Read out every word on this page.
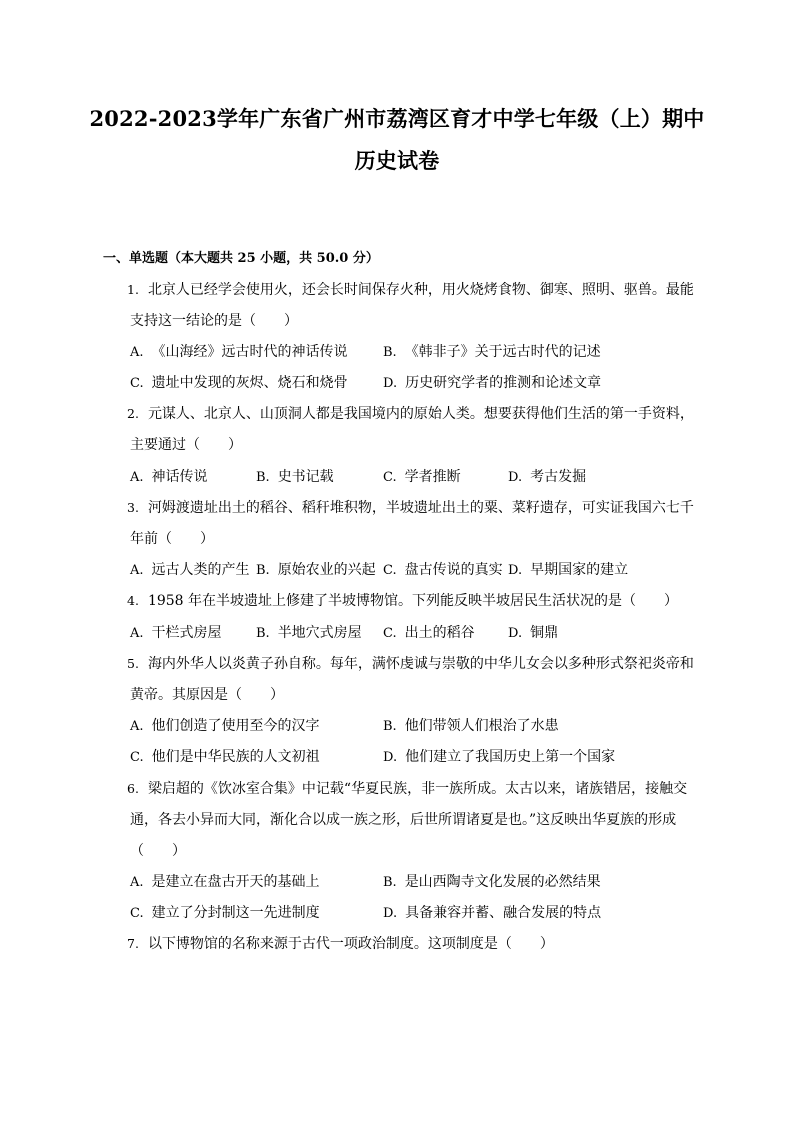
2022-2023学年广东省广州市荔湾区育才中学七年级（上）期中
历史试卷
一、单选题（本大题共 25 小题，共 50.0 分）
1. 北京人已经学会使用火，还会长时间保存火种，用火烧烤食物、御寒、照明、驱兽。最能
支持这一结论的是（　　）
A. 《山海经》远古时代的神话传说	B. 《韩非子》关于远古时代的记述
C. 遗址中发现的灰烬、烧石和烧骨	D. 历史研究学者的推测和论述文章
2. 元谋人、北京人、山顶洞人都是我国境内的原始人类。想要获得他们生活的第一手资料，
主要通过（　　）
A. 神话传说	B. 史书记载	C. 学者推断	D. 考古发掘
3. 河姆渡遗址出土的稻谷、稻秆堆积物，半坡遗址出土的粟、菜籽遗存，可实证我国六七千
年前（　　）
A. 远古人类的产生 B. 原始农业的兴起 C. 盘古传说的真实 D. 早期国家的建立
4. 1958 年在半坡遗址上修建了半坡博物馆。下列能反映半坡居民生活状况的是（　　）
A. 干栏式房屋	B. 半地穴式房屋 C. 出土的稻谷	D. 铜鼎
5. 海内外华人以炎黄子孙自称。每年，满怀虔诚与崇敬的中华儿女会以多种形式祭祀炎帝和
黄帝。其原因是（　　）
A. 他们创造了使用至今的汉字	B. 他们带领人们根治了水患
C. 他们是中华民族的人文初祖	D. 他们建立了我国历史上第一个国家
6. 梁启超的《饮冰室合集》中记载“华夏民族，非一族所成。太古以来，诸族错居，接触交
通，各去小异而大同，渐化合以成一族之形，后世所谓诸夏是也。”这反映出华夏族的形成
（　　）
A. 是建立在盘古开天的基础上	B. 是山西陶寺文化发展的必然结果
C. 建立了分封制这一先进制度	D. 具备兼容并蓄、融合发展的特点
7. 以下博物馆的名称来源于古代一项政治制度。这项制度是（　　）
